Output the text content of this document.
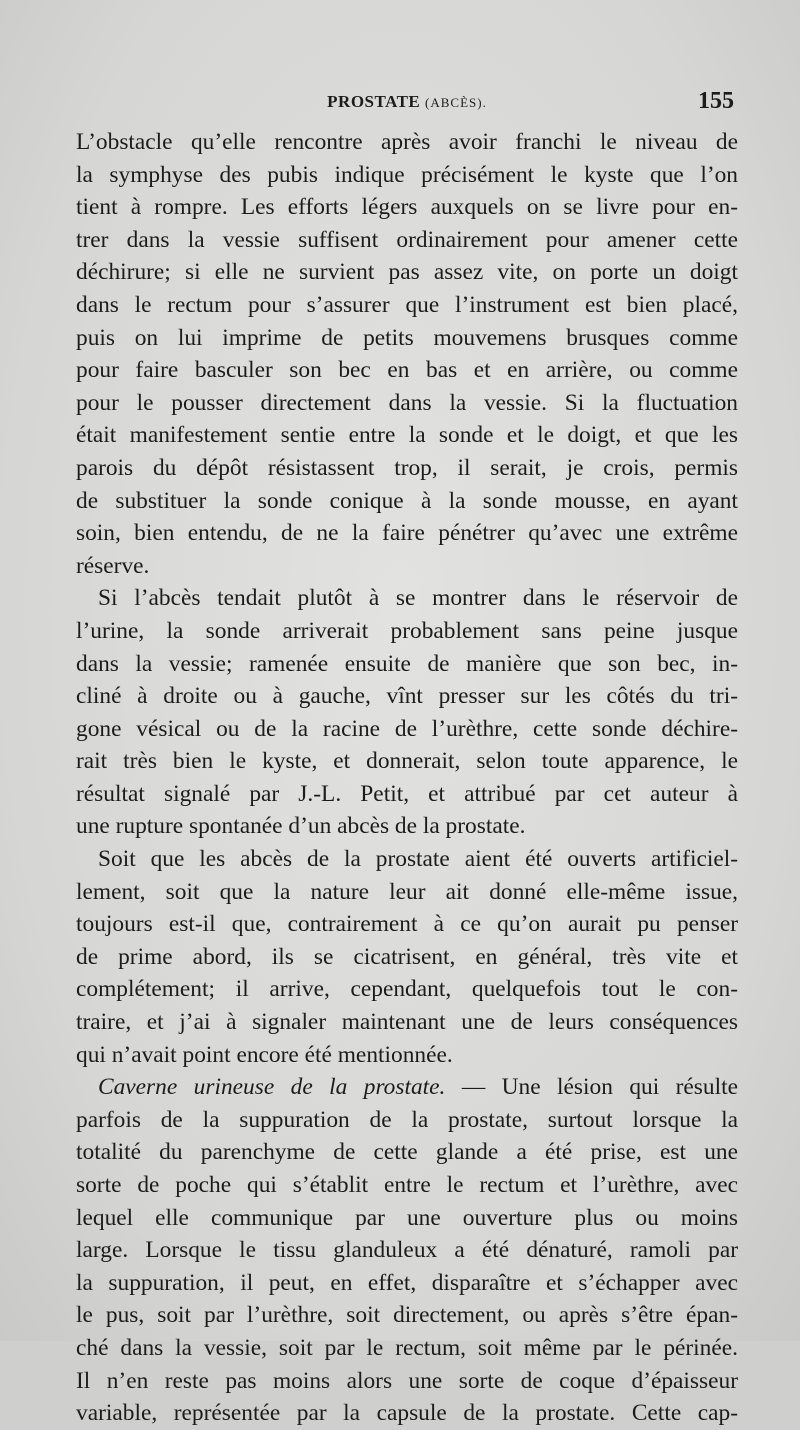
PROSTATE (ABCÈS).	155
L’obstacle qu’elle rencontre après avoir franchi le niveau de
la symphyse des pubis indique précisément le kyste que l’on
tient à rompre. Les efforts légers auxquels on se livre pour en-
trer dans la vessie suffisent ordinairement pour amener cette
déchirure; si elle ne survient pas assez vite, on porte un doigt
dans le rectum pour s’assurer que l’instrument est bien placé,
puis on lui imprime de petits mouvemens brusques comme
pour faire basculer son bec en bas et en arrière, ou comme
pour le pousser directement dans la vessie. Si la fluctuation
était manifestement sentie entre la sonde et le doigt, et que les
parois du dépôt résistassent trop, il serait, je crois, permis
de substituer la sonde conique à la sonde mousse, en ayant
soin, bien entendu, de ne la faire pénétrer qu’avec une extrême
réserve.
Si l’abcès tendait plutôt à se montrer dans le réservoir de
l’urine, la sonde arriverait probablement sans peine jusque
dans la vessie; ramenée ensuite de manière que son bec, in-
cliné à droite ou à gauche, vînt presser sur les côtés du tri-
gone vésical ou de la racine de l’urèthre, cette sonde déchire-
rait très bien le kyste, et donnerait, selon toute apparence, le
résultat signalé par J.-L. Petit, et attribué par cet auteur à
une rupture spontanée d’un abcès de la prostate.
Soit que les abcès de la prostate aient été ouverts artificiel-
lement, soit que la nature leur ait donné elle-même issue,
toujours est-il que, contrairement à ce qu’on aurait pu penser
de prime abord, ils se cicatrisent, en général, très vite et
complétement; il arrive, cependant, quelquefois tout le con-
traire, et j’ai à signaler maintenant une de leurs conséquences
qui n’avait point encore été mentionnée.
Caverne urineuse de la prostate. — Une lésion qui résulte
parfois de la suppuration de la prostate, surtout lorsque la
totalité du parenchyme de cette glande a été prise, est une
sorte de poche qui s’établit entre le rectum et l’urèthre, avec
lequel elle communique par une ouverture plus ou moins
large. Lorsque le tissu glanduleux a été dénaturé, ramoli par
la suppuration, il peut, en effet, disparaître et s’échapper avec
le pus, soit par l’urèthre, soit directement, ou après s’être épan-
ché dans la vessie, soit par le rectum, soit même par le périnée.
Il n’en reste pas moins alors une sorte de coque d’épaisseur
variable, représentée par la capsule de la prostate. Cette cap-
